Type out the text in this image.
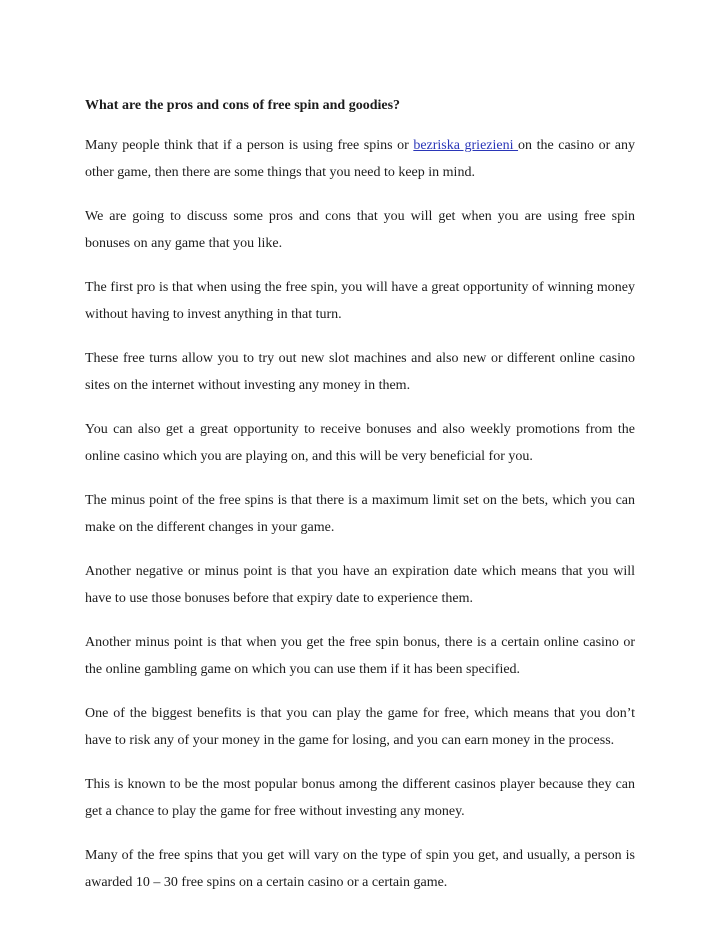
What are the pros and cons of free spin and goodies?

Many people think that if a person is using free spins or bezriska griezieni on the casino or any other game, then there are some things that you need to keep in mind.

We are going to discuss some pros and cons that you will get when you are using free spin bonuses on any game that you like.

The first pro is that when using the free spin, you will have a great opportunity of winning money without having to invest anything in that turn.

These free turns allow you to try out new slot machines and also new or different online casino sites on the internet without investing any money in them.

You can also get a great opportunity to receive bonuses and also weekly promotions from the online casino which you are playing on, and this will be very beneficial for you.

The minus point of the free spins is that there is a maximum limit set on the bets, which you can make on the different changes in your game.

Another negative or minus point is that you have an expiration date which means that you will have to use those bonuses before that expiry date to experience them.

Another minus point is that when you get the free spin bonus, there is a certain online casino or the online gambling game on which you can use them if it has been specified.

One of the biggest benefits is that you can play the game for free, which means that you don’t have to risk any of your money in the game for losing, and you can earn money in the process.

This is known to be the most popular bonus among the different casinos player because they can get a chance to play the game for free without investing any money.

Many of the free spins that you get will vary on the type of spin you get, and usually, a person is awarded 10 – 30 free spins on a certain casino or a certain game.
